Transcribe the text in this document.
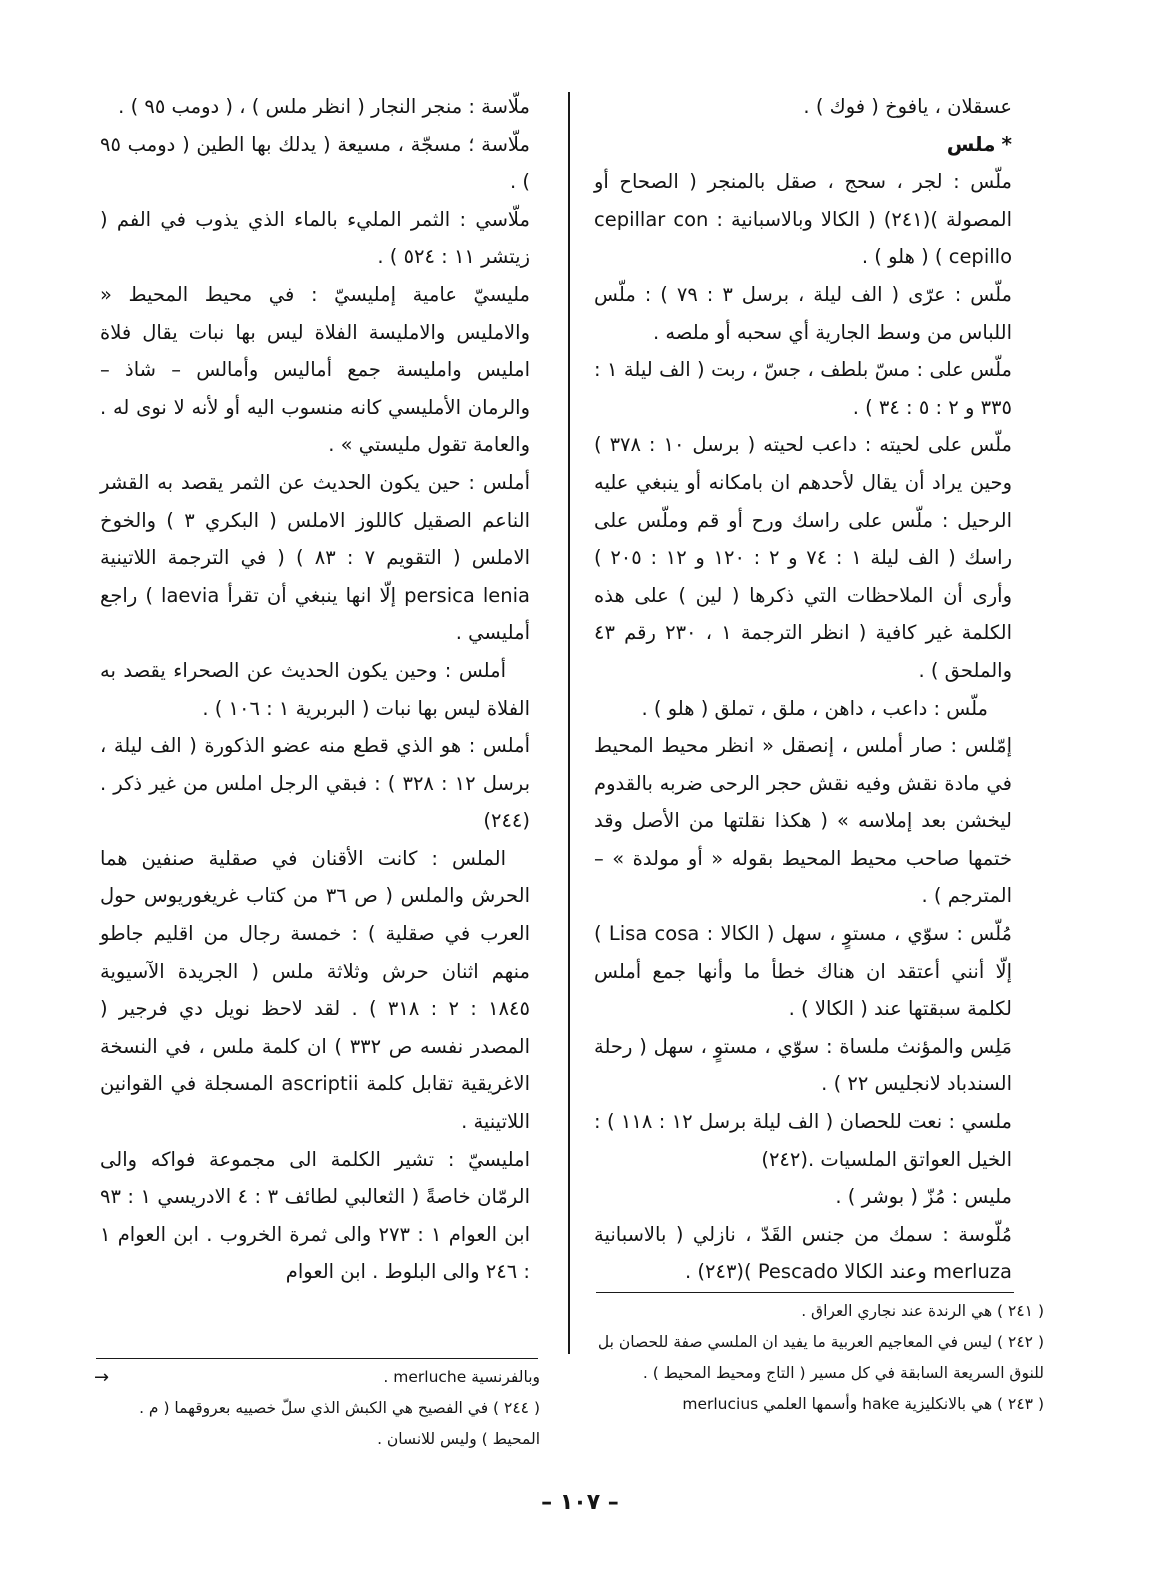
عسقلان ، يافوخ ( فوك ) .

*ملس

ملّس : لجر ، سحج ، صقل بالمنجر ( الصحاح أو المصولة )(٢٤١) ( الكالا وبالاسبانية : cepillar con cepillo ) ( هلو ) .

ملّس : عرّى ( الف ليلة ، برسل ٣ : ٧٩ ) : ملّس اللباس من وسط الجارية أي سحبه أو ملصه .

ملّس على : مسّ بلطف ، جسّ ، ربت ( الف ليلة ١ : ٣٣٥ و ٢ : ٥ : ٣٤ ) .

ملّس على لحيته : داعب لحيته ( برسل ١٠ : ٣٧٨ ) وحين يراد أن يقال لأحدهم ان بامكانه أو ينبغي عليه الرحيل : ملّس على راسك ورح أو قم وملّس على راسك ( الف ليلة ١ : ٧٤ و ٢ : ١٢٠ و ١٢ : ٢٠٥ ) وأرى أن الملاحظات التي ذكرها ( لين ) على هذه الكلمة غير كافية ( انظر الترجمة ١ ، ٢٣٠ رقم ٤٣ والملحق ) .

ملّس : داعب ، داهن ، ملق ، تملق ( هلو ) .

إمّلس : صار أملس ، إنصقل « انظر محيط المحيط في مادة نقش وفيه نقش حجر الرحى ضربه بالقدوم ليخشن بعد إملاسه » ( هكذا نقلتها من الأصل وقد ختمها صاحب محيط المحيط بقوله « أو مولدة » – المترجم ) .

مُلّس : سوّي ، مستوٍ ، سهل ( الكالا : Lisa cosa ) إلّا أنني أعتقد ان هناك خطأ ما وأنها جمع أملس لكلمة سبقتها عند ( الكالا ) .

مَلِس والمؤنث ملساة : سوّي ، مستوٍ ، سهل ( رحلة السندباد لانجليس ٢٢ ) .

ملسي : نعت للحصان ( الف ليلة برسل ١٢ : ١١٨ ) : الخيل العواتق الملسيات .(٢٤٢)

مليس : مُزّ ( بوشر ) .

مُلّوسة : سمك من جنس القَدّ ، نازلي ( بالاسبانية merluza وعند الكالا Pescado )(٢٤٣) .

ملّاسة : منجر النجار ( انظر ملس ) ، ( دومب ٩٥ ) .

ملّاسة ؛ مسجّة ، مسيعة ( يدلك بها الطين ( دومب ٩٥ ) .

ملّاسي : الثمر المليء بالماء الذي يذوب في الفم ( زيتشر ١١ : ٥٢٤ ) .

مليسيّ عامية إمليسيّ : في محيط المحيط « والامليس والامليسة الفلاة ليس بها نبات يقال فلاة امليس وامليسة جمع أماليس وأمالس – شاذ – والرمان الأمليسي كانه منسوب اليه أو لأنه لا نوى له . والعامة تقول مليستي » .

أملس : حين يكون الحديث عن الثمر يقصد به القشر الناعم الصقيل كاللوز الاملس ( البكري ٣ ) والخوخ الاملس ( التقويم ٧ : ٨٣ ) ( في الترجمة اللاتينية persica lenia إلّا انها ينبغي أن تقرأ laevia ) راجع أمليسي .

أملس : وحين يكون الحديث عن الصحراء يقصد به الفلاة ليس بها نبات ( البربرية ١ : ١٠٦ ) .

أملس : هو الذي قطع منه عضو الذكورة ( الف ليلة ، برسل ١٢ : ٣٢٨ ) : فبقي الرجل املس من غير ذكر .(٢٤٤)

الملس : كانت الأقنان في صقلية صنفين هما الحرش والملس ( ص ٣٦ من كتاب غريغوريوس حول العرب في صقلية ) : خمسة رجال من اقليم جاطو منهم اثنان حرش وثلاثة ملس ( الجريدة الآسيوية ١٨٤٥ : ٢ : ٣١٨ ) . لقد لاحظ نويل دي فرجير ( المصدر نفسه ص ٣٣٢ ) ان كلمة ملس ، في النسخة الاغريقية تقابل كلمة ascriptii المسجلة في القوانين اللاتينية .

امليسيّ : تشير الكلمة الى مجموعة فواكه والى الرمّان خاصةً ( الثعالبي لطائف ٣ : ٤ الادريسي ١ : ٩٣ ابن العوام ١ : ٢٧٣ والى ثمرة الخروب . ابن العوام ١ : ٢٤٦ والى البلوط . ابن العوام

( ٢٤١ ) هي الرندة عند نجاري العراق .
( ٢٤٢ ) ليس في المعاجيم العربية ما يفيد ان الملسي صفة للحصان بل للنوق السريعة السابقة في كل مسير ( التاج ومحيط المحيط ) .
( ٢٤٣ ) هي بالانكليزية hake وأسمها العلمي merlucius
وبالفرنسية merluche .
→
( ٢٤٤ ) في الفصيح هي الكبش الذي سلّ خصييه بعروقهما ( م . المحيط ) وليس للانسان .
– ١٠٧ –
